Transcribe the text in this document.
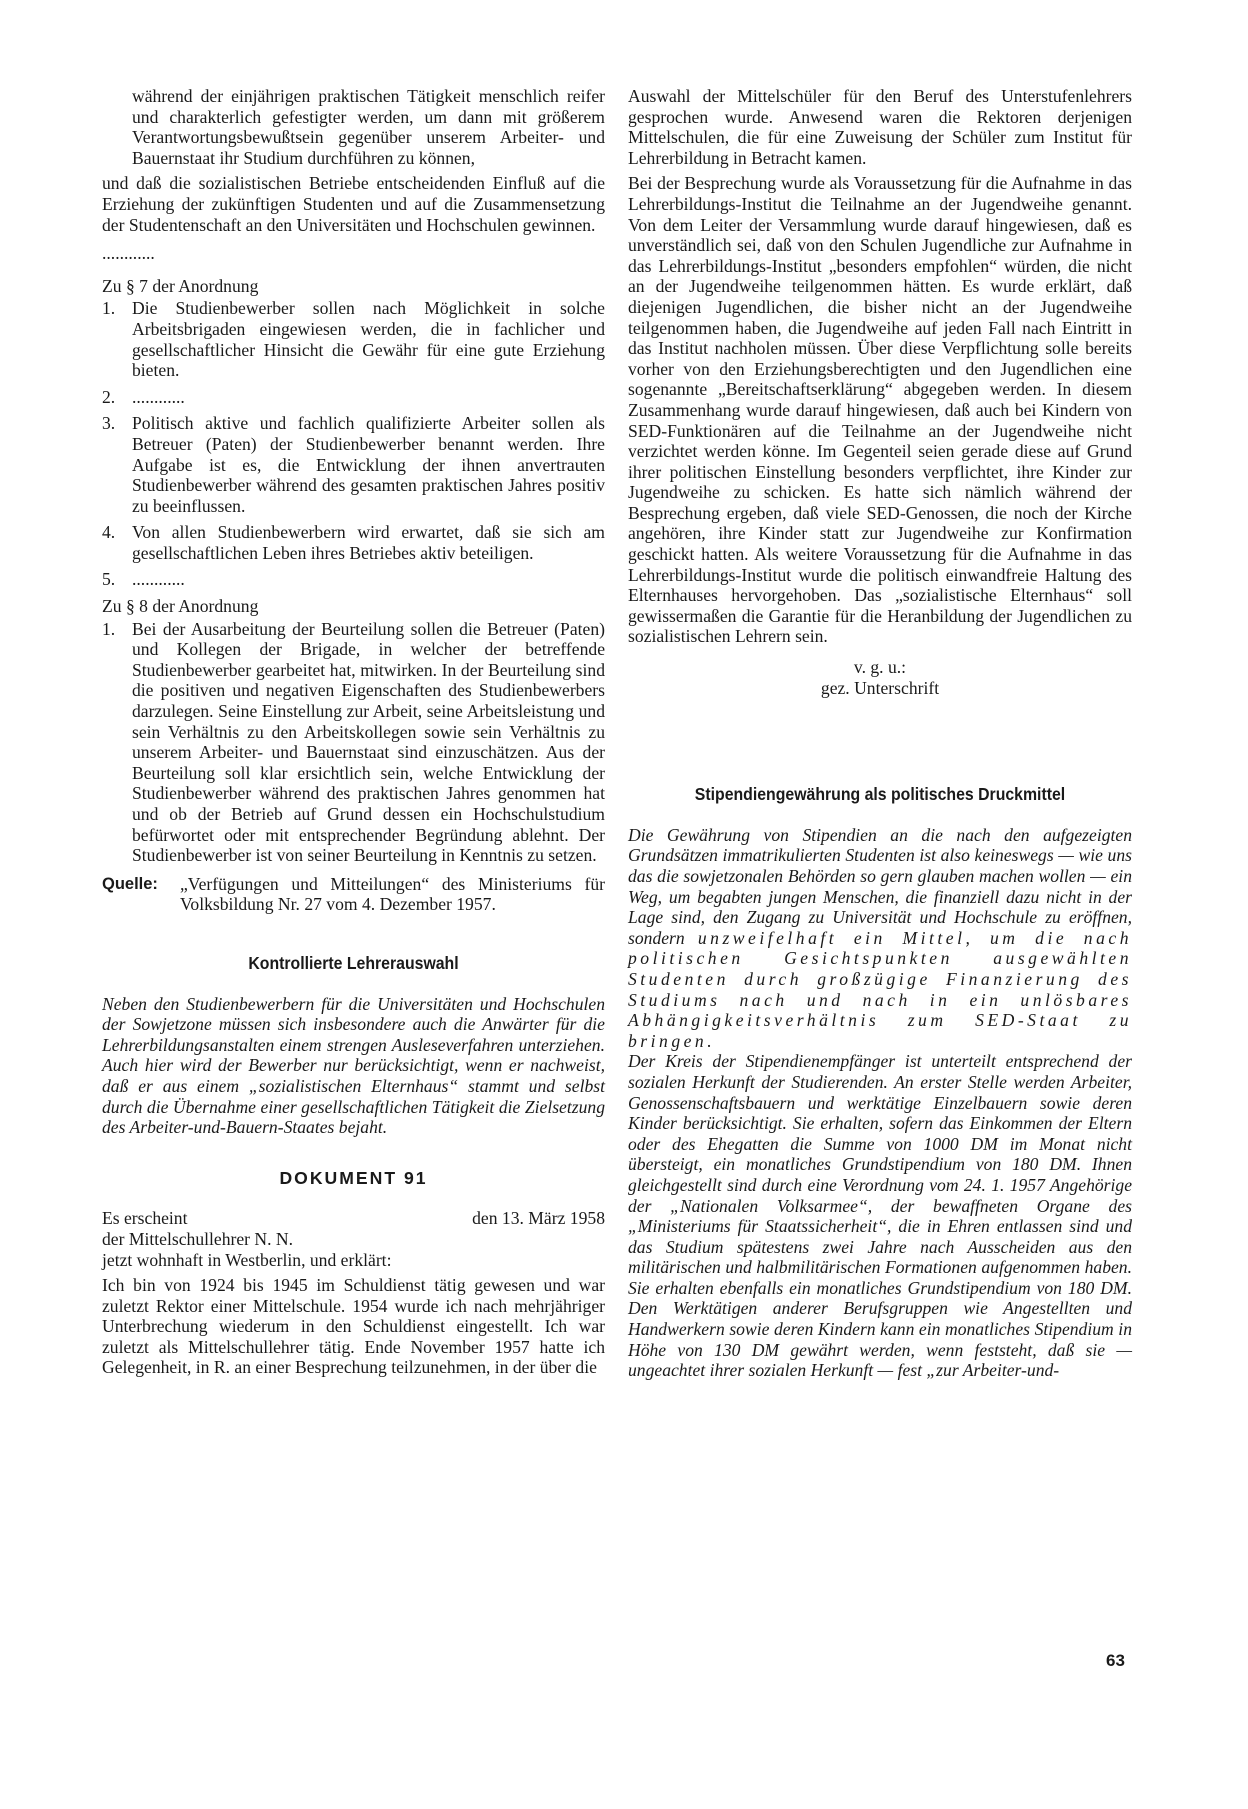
während der einjährigen praktischen Tätigkeit menschlich reifer und charakterlich gefestigter werden, um dann mit größerem Verantwortungsbewußtsein gegenüber unserem Arbeiter- und Bauernstaat ihr Studium durchführen zu können,

und daß die sozialistischen Betriebe entscheidenden Einfluß auf die Erziehung der zukünftigen Studenten und auf die Zusammensetzung der Studentenschaft an den Universitäten und Hochschulen gewinnen.

............

Zu § 7 der Anordnung

1. Die Studienbewerber sollen nach Möglichkeit in solche Arbeitsbrigaden eingewiesen werden, die in fachlicher und gesellschaftlicher Hinsicht die Gewähr für eine gute Erziehung bieten.
2. ............
3. Politisch aktive und fachlich qualifizierte Arbeiter sollen als Betreuer (Paten) der Studienbewerber benannt werden. Ihre Aufgabe ist es, die Entwicklung der ihnen anvertrauten Studienbewerber während des gesamten praktischen Jahres positiv zu beeinflussen.
4. Von allen Studienbewerbern wird erwartet, daß sie sich am gesellschaftlichen Leben ihres Betriebes aktiv beteiligen.
5. ............

Zu § 8 der Anordnung

1. Bei der Ausarbeitung der Beurteilung sollen die Betreuer (Paten) und Kollegen der Brigade, in welcher der betreffende Studienbewerber gearbeitet hat, mitwirken. In der Beurteilung sind die positiven und negativen Eigenschaften des Studienbewerbers darzulegen. Seine Einstellung zur Arbeit, seine Arbeitsleistung und sein Verhältnis zu den Arbeitskollegen sowie sein Verhältnis zu unserem Arbeiter- und Bauernstaat sind einzuschätzen. Aus der Beurteilung soll klar ersichtlich sein, welche Entwicklung der Studienbewerber während des praktischen Jahres genommen hat und ob der Betrieb auf Grund dessen ein Hochschulstudium befürwortet oder mit entsprechender Begründung ablehnt. Der Studienbewerber ist von seiner Beurteilung in Kenntnis zu setzen.
Quelle:	„Verfügungen und Mitteilungen“ des Ministeriums für Volksbildung Nr. 27 vom 4. Dezember 1957.
Kontrollierte Lehrerauswahl

Neben den Studienbewerbern für die Universitäten und Hochschulen der Sowjetzone müssen sich insbesondere auch die Anwärter für die Lehrerbildungsanstalten einem strengen Ausleseverfahren unterziehen. Auch hier wird der Bewerber nur berücksichtigt, wenn er nachweist, daß er aus einem „sozialistischen Elternhaus“ stammt und selbst durch die Übernahme einer gesellschaftlichen Tätigkeit die Zielsetzung des Arbeiter-und-Bauern-Staates bejaht.

DOKUMENT 91
Es erscheint	den 13. März 1958

der Mittelschullehrer N. N.

jetzt wohnhaft in Westberlin, und erklärt:

Ich bin von 1924 bis 1945 im Schuldienst tätig gewesen und war zuletzt Rektor einer Mittelschule. 1954 wurde ich nach mehrjähriger Unterbrechung wiederum in den Schuldienst eingestellt. Ich war zuletzt als Mittelschullehrer tätig. Ende November 1957 hatte ich Gelegenheit, in R. an einer Besprechung teilzunehmen, in der über die

Auswahl der Mittelschüler für den Beruf des Unterstufenlehrers gesprochen wurde. Anwesend waren die Rektoren derjenigen Mittelschulen, die für eine Zuweisung der Schüler zum Institut für Lehrerbildung in Betracht kamen.

Bei der Besprechung wurde als Voraussetzung für die Aufnahme in das Lehrerbildungs-Institut die Teilnahme an der Jugendweihe genannt. Von dem Leiter der Versammlung wurde darauf hingewiesen, daß es unverständlich sei, daß von den Schulen Jugendliche zur Aufnahme in das Lehrerbildungs-Institut „besonders empfohlen“ würden, die nicht an der Jugendweihe teilgenommen hätten. Es wurde erklärt, daß diejenigen Jugendlichen, die bisher nicht an der Jugendweihe teilgenommen haben, die Jugendweihe auf jeden Fall nach Eintritt in das Institut nachholen müssen. Über diese Verpflichtung solle bereits vorher von den Erziehungsberechtigten und den Jugendlichen eine sogenannte „Bereitschaftserklärung“ abgegeben werden. In diesem Zusammenhang wurde darauf hingewiesen, daß auch bei Kindern von SED-Funktionären auf die Teilnahme an der Jugendweihe nicht verzichtet werden könne. Im Gegenteil seien gerade diese auf Grund ihrer politischen Einstellung besonders verpflichtet, ihre Kinder zur Jugendweihe zu schicken. Es hatte sich nämlich während der Besprechung ergeben, daß viele SED-Genossen, die noch der Kirche angehören, ihre Kinder statt zur Jugendweihe zur Konfirmation geschickt hatten. Als weitere Voraussetzung für die Aufnahme in das Lehrerbildungs-Institut wurde die politisch einwandfreie Haltung des Elternhauses hervorgehoben. Das „sozialistische Elternhaus“ soll gewissermaßen die Garantie für die Heranbildung der Jugendlichen zu sozialistischen Lehrern sein.

v. g. u.:

gez. Unterschrift

Stipendiengewährung als politisches Druckmittel

Die Gewährung von Stipendien an die nach den aufgezeigten Grundsätzen immatrikulierten Studenten ist also keineswegs — wie uns das die sowjetzonalen Behörden so gern glauben machen wollen — ein Weg, um begabten jungen Menschen, die finanziell dazu nicht in der Lage sind, den Zugang zu Universität und Hochschule zu eröffnen, sondern unzweifelhaft ein Mittel, um die nach politischen Gesichtspunkten ausgewählten Studenten durch großzügige Finanzierung des Studiums nach und nach in ein unlösbares Abhängigkeitsverhältnis zum SED-Staat zu bringen.

Der Kreis der Stipendienempfänger ist unterteilt entsprechend der sozialen Herkunft der Studierenden. An erster Stelle werden Arbeiter, Genossenschaftsbauern und werktätige Einzelbauern sowie deren Kinder berücksichtigt. Sie erhalten, sofern das Einkommen der Eltern oder des Ehegatten die Summe von 1000 DM im Monat nicht übersteigt, ein monatliches Grundstipendium von 180 DM. Ihnen gleichgestellt sind durch eine Verordnung vom 24. 1. 1957 Angehörige der „Nationalen Volksarmee“, der bewaffneten Organe des „Ministeriums für Staatssicherheit“, die in Ehren entlassen sind und das Studium spätestens zwei Jahre nach Ausscheiden aus den militärischen und halbmilitärischen Formationen aufgenommen haben. Sie erhalten ebenfalls ein monatliches Grundstipendium von 180 DM. Den Werktätigen anderer Berufsgruppen wie Angestellten und Handwerkern sowie deren Kindern kann ein monatliches Stipendium in Höhe von 130 DM gewährt werden, wenn feststeht, daß sie — ungeachtet ihrer sozialen Herkunft — fest „zur Arbeiter-und-

63
